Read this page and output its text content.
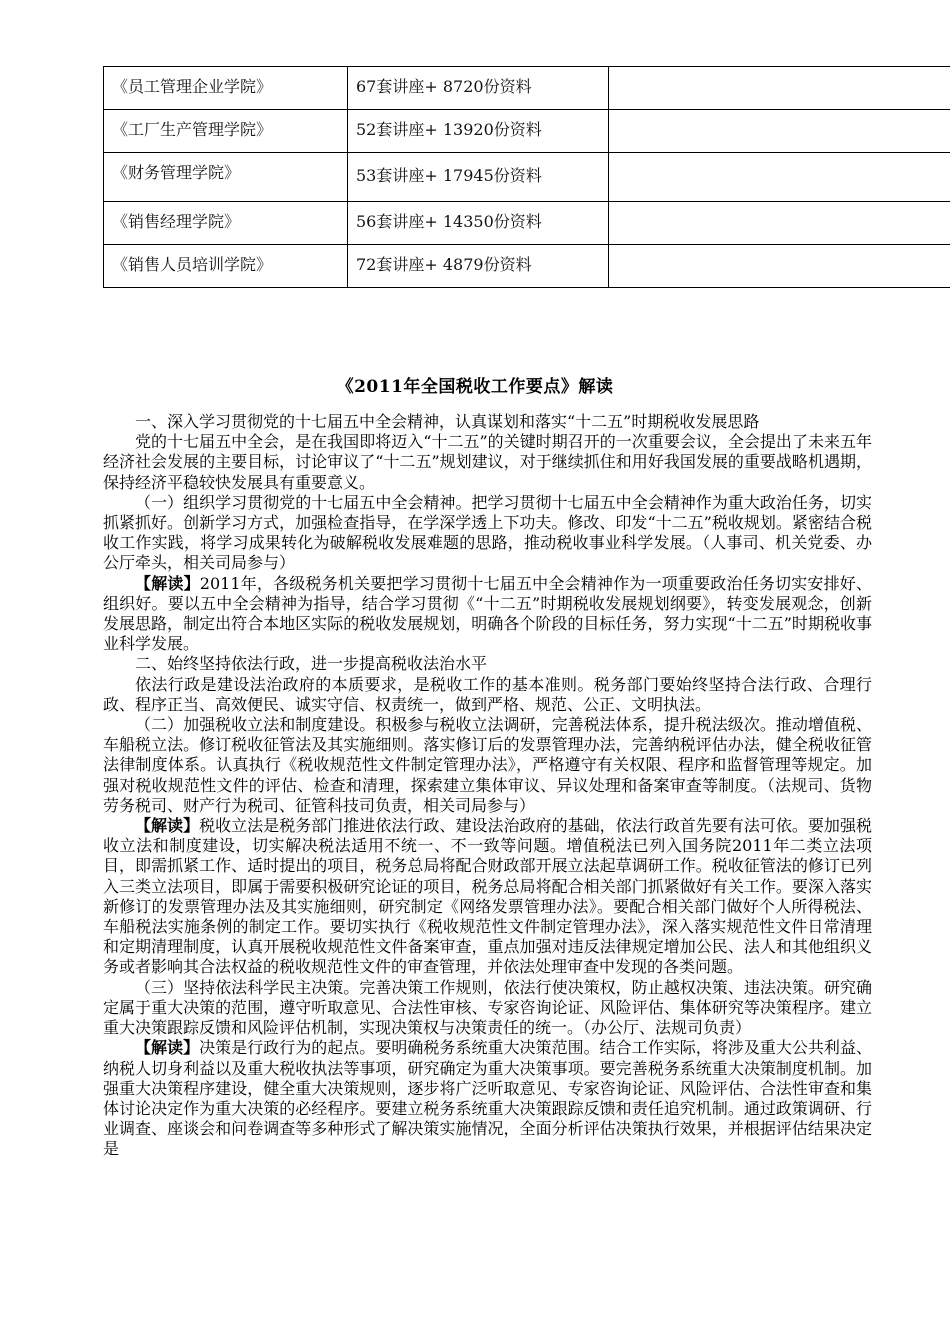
《员工管理企业学院》	67套讲座+ 8720份资料	
《工厂生产管理学院》	52套讲座+ 13920份资料	
《财务管理学院》	53套讲座+ 17945份资料	
《销售经理学院》	56套讲座+ 14350份资料	
《销售人员培训学院》	72套讲座+ 4879份资料	
《2011年全国税收工作要点》解读

一、深入学习贯彻党的十七届五中全会精神，认真谋划和落实“十二五”时期税收发展思路

党的十七届五中全会，是在我国即将迈入“十二五”的关键时期召开的一次重要会议，全会提出了未来五年经济社会发展的主要目标，讨论审议了“十二五”规划建议，对于继续抓住和用好我国发展的重要战略机遇期，保持经济平稳较快发展具有重要意义。

（一）组织学习贯彻党的十七届五中全会精神。把学习贯彻十七届五中全会精神作为重大政治任务，切实抓紧抓好。创新学习方式，加强检查指导，在学深学透上下功夫。修改、印发“十二五”税收规划。紧密结合税收工作实践，将学习成果转化为破解税收发展难题的思路，推动税收事业科学发展。（人事司、机关党委、办公厅牵头，相关司局参与）

【解读】2011年，各级税务机关要把学习贯彻十七届五中全会精神作为一项重要政治任务切实安排好、组织好。要以五中全会精神为指导，结合学习贯彻《“十二五”时期税收发展规划纲要》，转变发展观念，创新发展思路，制定出符合本地区实际的税收发展规划，明确各个阶段的目标任务，努力实现“十二五”时期税收事业科学发展。

二、始终坚持依法行政，进一步提高税收法治水平

依法行政是建设法治政府的本质要求，是税收工作的基本准则。税务部门要始终坚持合法行政、合理行政、程序正当、高效便民、诚实守信、权责统一，做到严格、规范、公正、文明执法。

（二）加强税收立法和制度建设。积极参与税收立法调研，完善税法体系，提升税法级次。推动增值税、车船税立法。修订税收征管法及其实施细则。落实修订后的发票管理办法，完善纳税评估办法，健全税收征管法律制度体系。认真执行《税收规范性文件制定管理办法》，严格遵守有关权限、程序和监督管理等规定。加强对税收规范性文件的评估、检查和清理，探索建立集体审议、异议处理和备案审查等制度。（法规司、货物劳务税司、财产行为税司、征管科技司负责，相关司局参与）

【解读】税收立法是税务部门推进依法行政、建设法治政府的基础，依法行政首先要有法可依。要加强税收立法和制度建设，切实解决税法适用不统一、不一致等问题。增值税法已列入国务院2011年二类立法项目，即需抓紧工作、适时提出的项目，税务总局将配合财政部开展立法起草调研工作。税收征管法的修订已列入三类立法项目，即属于需要积极研究论证的项目，税务总局将配合相关部门抓紧做好有关工作。要深入落实新修订的发票管理办法及其实施细则，研究制定《网络发票管理办法》。要配合相关部门做好个人所得税法、车船税法实施条例的制定工作。要切实执行《税收规范性文件制定管理办法》，深入落实规范性文件日常清理和定期清理制度，认真开展税收规范性文件备案审查，重点加强对违反法律规定增加公民、法人和其他组织义务或者影响其合法权益的税收规范性文件的审查管理，并依法处理审查中发现的各类问题。

（三）坚持依法科学民主决策。完善决策工作规则，依法行使决策权，防止越权决策、违法决策。研究确定属于重大决策的范围，遵守听取意见、合法性审核、专家咨询论证、风险评估、集体研究等决策程序。建立重大决策跟踪反馈和风险评估机制，实现决策权与决策责任的统一。（办公厅、法规司负责）

【解读】决策是行政行为的起点。要明确税务系统重大决策范围。结合工作实际，将涉及重大公共利益、纳税人切身利益以及重大税收执法等事项，研究确定为重大决策事项。要完善税务系统重大决策制度机制。加强重大决策程序建设，健全重大决策规则，逐步将广泛听取意见、专家咨询论证、风险评估、合法性审查和集体讨论决定作为重大决策的必经程序。要建立税务系统重大决策跟踪反馈和责任追究机制。通过政策调研、行业调查、座谈会和问卷调查等多种形式了解决策实施情况，全面分析评估决策执行效果，并根据评估结果决定是
